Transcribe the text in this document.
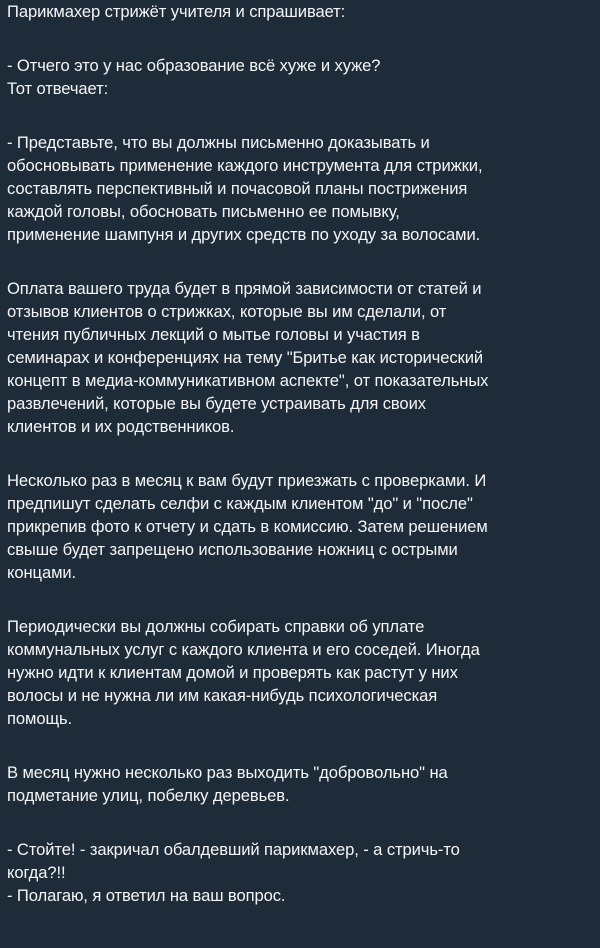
Парикмахер стрижёт учителя и спрашивает:
- Отчего это у нас образование всё хуже и хуже?
Тот отвечает:
- Представьте, что вы должны письменно доказывать и
обосновывать применение каждого инструмента для стрижки,
составлять перспективный и почасовой планы пострижения
каждой головы, обосновать письменно ее помывку,
применение шампуня и других средств по уходу за волосами.
Оплата вашего труда будет в прямой зависимости от статей и
отзывов клиентов о стрижках, которые вы им сделали, от
чтения публичных лекций о мытье головы и участия в
семинарах и конференциях на тему "Бритье как исторический
концепт в медиа-коммуникативном аспекте", от показательных
развлечений, которые вы будете устраивать для своих
клиентов и их родственников.
Несколько раз в месяц к вам будут приезжать с проверками. И
предпишут сделать селфи с каждым клиентом "до" и "после"
прикрепив фото к отчету и сдать в комиссию. Затем решением
свыше будет запрещено использование ножниц с острыми
концами.
Периодически вы должны собирать справки об уплате
коммунальных услуг с каждого клиента и его соседей. Иногда
нужно идти к клиентам домой и проверять как растут у них
волосы и не нужна ли им какая-нибудь психологическая
помощь.
В месяц нужно несколько раз выходить "добровольно" на
подметание улиц, побелку деревьев.
- Стойте! - закричал обалдевший парикмахер, - а стричь-то
когда?!!
- Полагаю, я ответил на ваш вопрос.
